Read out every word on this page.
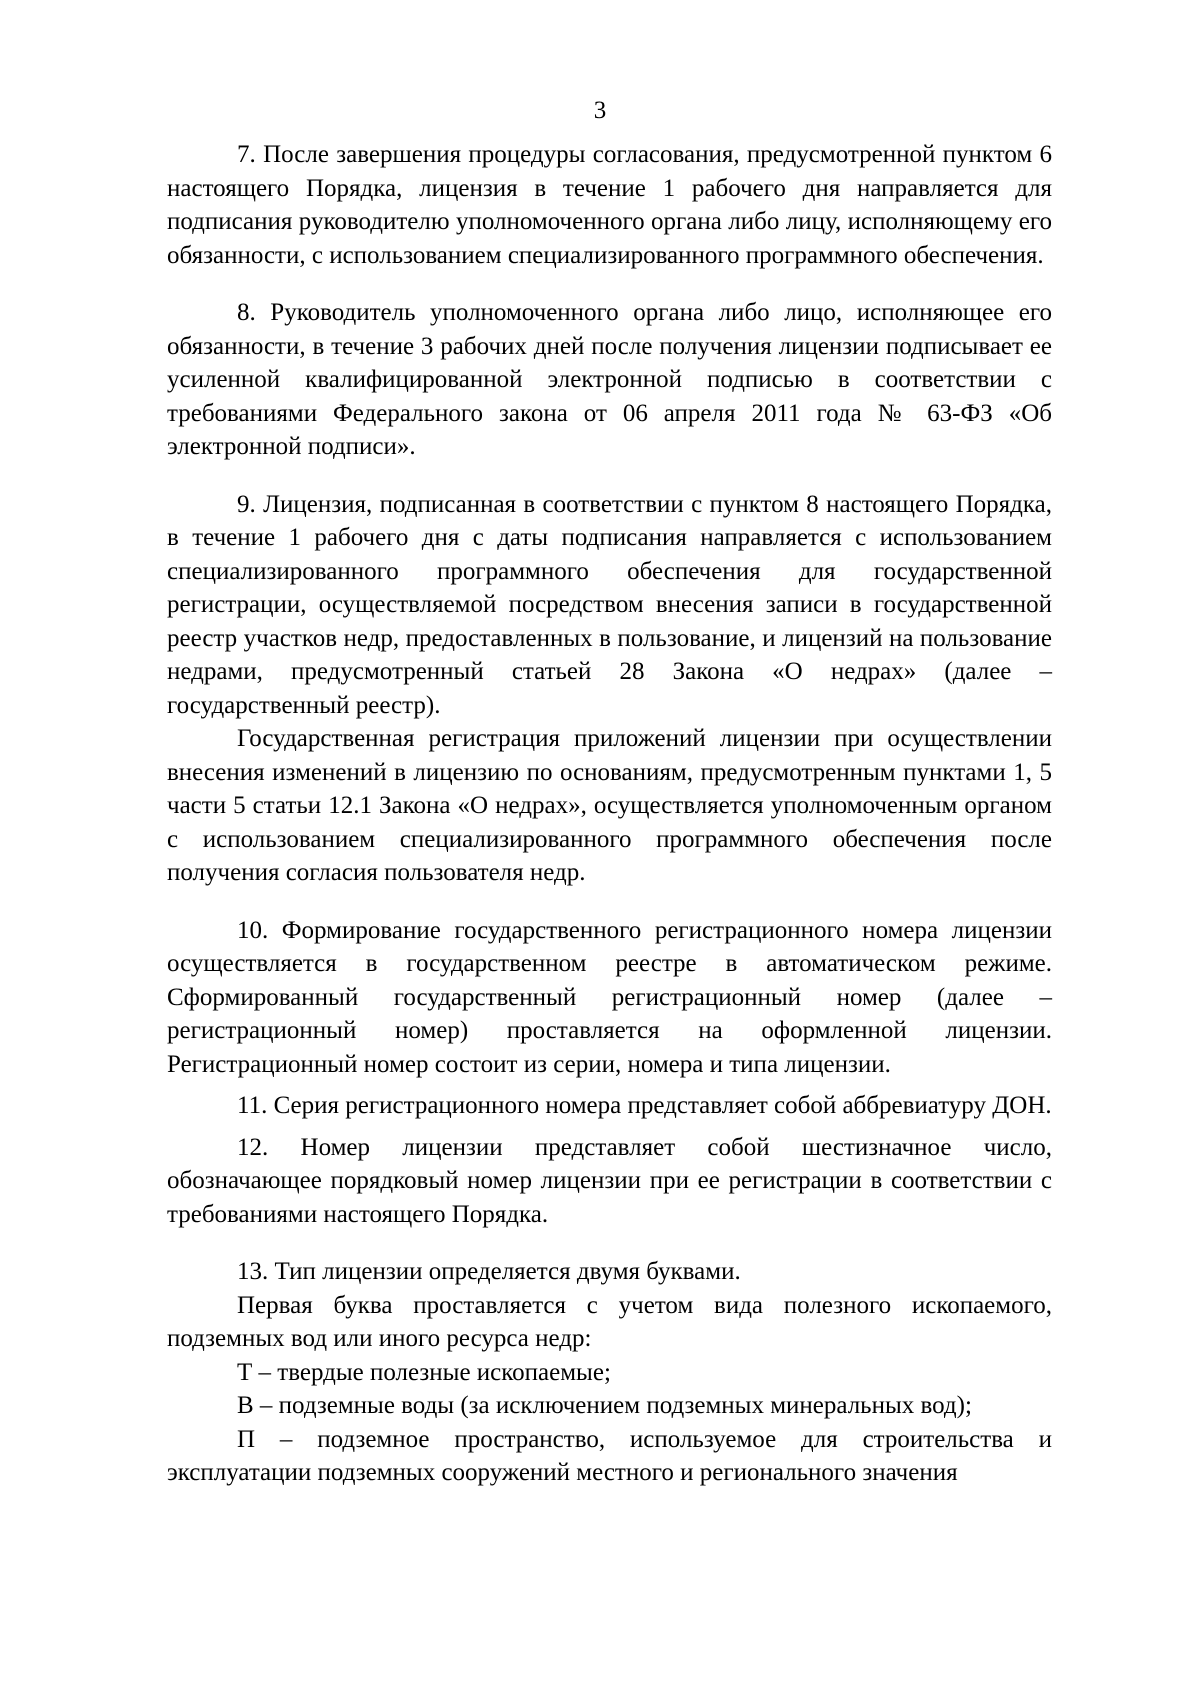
3

7. После завершения процедуры согласования, предусмотренной пунктом 6 настоящего Порядка, лицензия в течение 1 рабочего дня направляется для подписания руководителю уполномоченного органа либо лицу, исполняющему его обязанности, с использованием специализированного программного обеспечения.

8. Руководитель уполномоченного органа либо лицо, исполняющее его обязанности, в течение 3 рабочих дней после получения лицензии подписывает ее усиленной квалифицированной электронной подписью в соответствии с требованиями Федерального закона от 06 апреля 2011 года № 63-ФЗ «Об электронной подписи».

9. Лицензия, подписанная в соответствии с пунктом 8 настоящего Порядка, в течение 1 рабочего дня с даты подписания направляется с использованием специализированного программного обеспечения для государственной регистрации, осуществляемой посредством внесения записи в государственной реестр участков недр, предоставленных в пользование, и лицензий на пользование недрами, предусмотренный статьей 28 Закона «О недрах» (далее – государственный реестр).

Государственная регистрация приложений лицензии при осуществлении внесения изменений в лицензию по основаниям, предусмотренным пунктами 1, 5 части 5 статьи 12.1 Закона «О недрах», осуществляется уполномоченным органом с использованием специализированного программного обеспечения после получения согласия пользователя недр.

10. Формирование государственного регистрационного номера лицензии осуществляется в государственном реестре в автоматическом режиме. Сформированный государственный регистрационный номер (далее – регистрационный номер) проставляется на оформленной лицензии. Регистрационный номер состоит из серии, номера и типа лицензии.

11. Серия регистрационного номера представляет собой аббревиатуру ДОН.

12. Номер лицензии представляет собой шестизначное число, обозначающее порядковый номер лицензии при ее регистрации в соответствии с требованиями настоящего Порядка.

13. Тип лицензии определяется двумя буквами.

Первая буква проставляется с учетом вида полезного ископаемого, подземных вод или иного ресурса недр:

Т – твердые полезные ископаемые;

В – подземные воды (за исключением подземных минеральных вод);

П – подземное пространство, используемое для строительства и эксплуатации подземных сооружений местного и регионального значения
